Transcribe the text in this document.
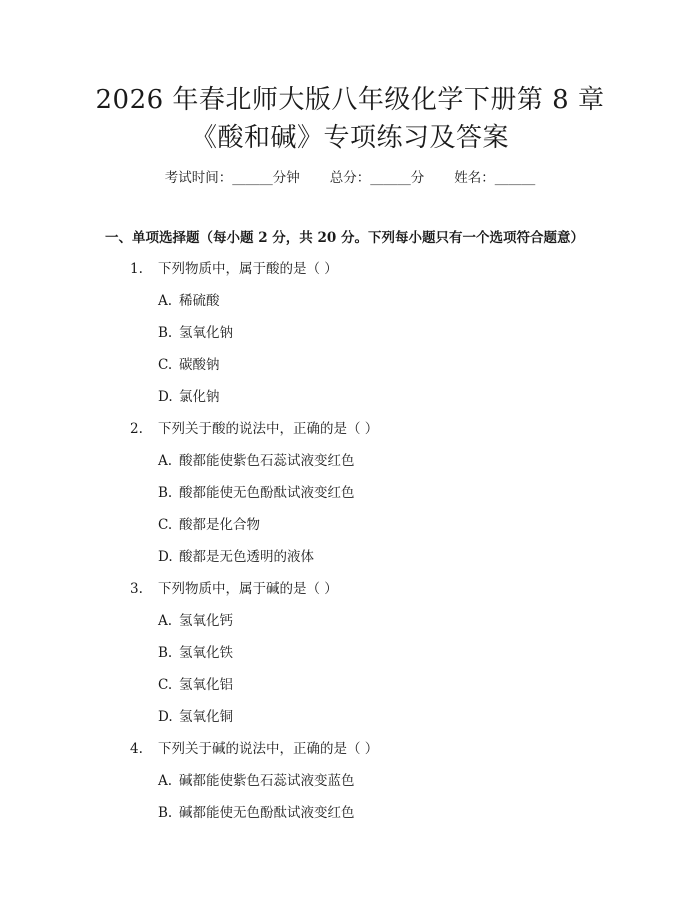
2026 年春北师大版八年级化学下册第 8 章
《酸和碱》专项练习及答案
考试时间：______分钟 总分：______分 姓名：______
一、单项选择题（每小题 2 分，共 20 分。下列每小题只有一个选项符合题意）
1. 下列物质中，属于酸的是（ ）
A. 稀硫酸
B. 氢氧化钠
C. 碳酸钠
D. 氯化钠
2. 下列关于酸的说法中，正确的是（ ）
A. 酸都能使紫色石蕊试液变红色
B. 酸都能使无色酚酞试液变红色
C. 酸都是化合物
D. 酸都是无色透明的液体
3. 下列物质中，属于碱的是（ ）
A. 氢氧化钙
B. 氢氧化铁
C. 氢氧化铝
D. 氢氧化铜
4. 下列关于碱的说法中，正确的是（ ）
A. 碱都能使紫色石蕊试液变蓝色
B. 碱都能使无色酚酞试液变红色
